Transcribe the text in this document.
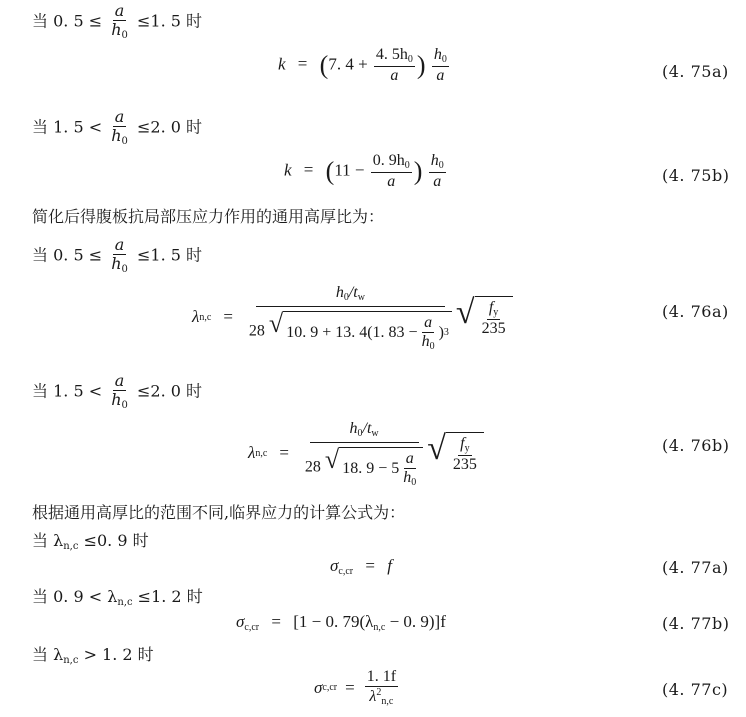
当 0. $5 \le \frac{a}{h_0} \le 1$. 5 时
k = (7. $4 + \frac{4. 5h_0}{a}$ ) $\frac{h_0}{a}$	(4. 75a)
当 1. $5 < \frac{a}{h_0} \le 2$. 0 时
$k = (11 - \frac{0. 9h_0}{a}$ ) $\frac{h_0}{a}$	(4. 75b)
简化后得腹板抗局部压应力作用的通用高厚比为：
当 0. $5 \le \frac{a}{h_0} \le 1$. 5 时
λ $n,c = \frac{h_0/t_w}{28 √ 10. 9 + 13. 4(1. 83 - \frac{a}{h_0} ) 3}$ √ $\frac{f_y}{235}$	(4. 76a)
当 1. $5 < \frac{a}{h_0} \le 2$. 0 时
λ $n,c = \frac{h_0/t_w}{28 √ 18. 9 - 5 \frac{a}{h_0}}$ √ $\frac{f_y}{235}$	(4. 76b)
根据通用高厚比的范围不同,临界应力的计算公式为：
当 $\lambda_{n,c} \le 0$. 9 时
$\sigma_{c,cr} = f$	(4. 77a)
当 0. $9 < \lambda_{n,c} \le 1$. 2 时
$\sigma_{c,cr} = [1 - 0$. $79(\lambda_{n,c} - 0$. 9)]f	(4. 77b)
当 $\lambda_{n,c} > 1$. 2 时
σ $c,cr = \frac{1. 1f}{\lambda^2_{n,c}}$	(4. 77c)
